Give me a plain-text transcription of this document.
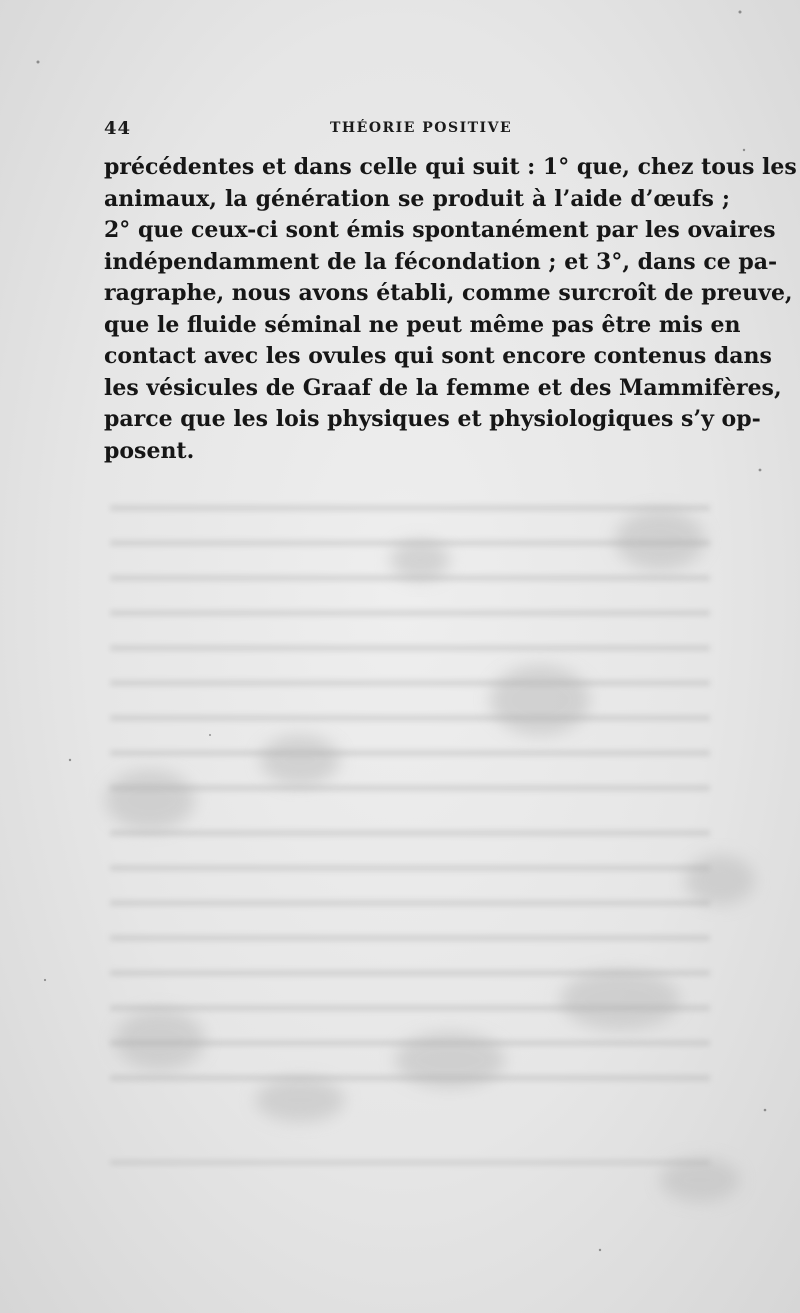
44	THÉORIE POSITIVE
précédentes et dans celle qui suit : 1° que, chez tous les
animaux, la génération se produit à l’aide d’œufs ;
2° que ceux-ci sont émis spontanément par les ovaires
indépendamment de la fécondation ; et 3°, dans ce pa-
ragraphe, nous avons établi, comme surcroît de preuve,
que le fluide séminal ne peut même pas être mis en
contact avec les ovules qui sont encore contenus dans
les vésicules de Graaf de la femme et des Mammifères,
parce que les lois physiques et physiologiques s’y op-
posent.
